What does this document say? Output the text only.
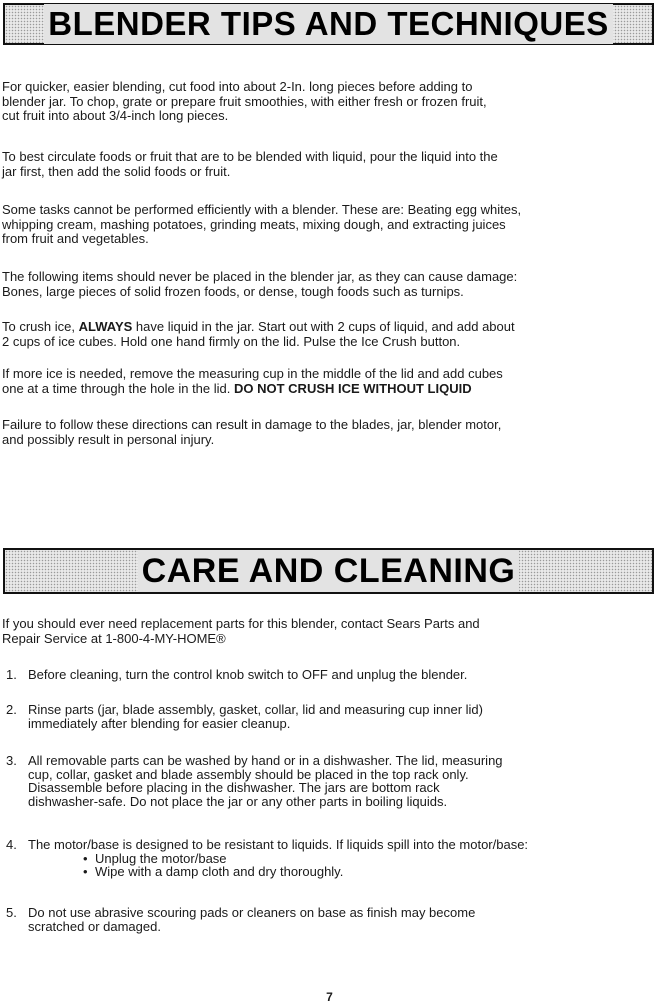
BLENDER TIPS AND TECHNIQUES

For quicker, easier blending, cut food into about 2-In. long pieces before adding to
blender jar. To chop, grate or prepare fruit smoothies, with either fresh or frozen fruit,
cut fruit into about 3/4-inch long pieces.

To best circulate foods or fruit that are to be blended with liquid, pour the liquid into the
jar first, then add the solid foods or fruit.

Some tasks cannot be performed efficiently with a blender. These are: Beating egg whites,
whipping cream, mashing potatoes, grinding meats, mixing dough, and extracting juices
from fruit and vegetables.

The following items should never be placed in the blender jar, as they can cause damage:
Bones, large pieces of solid frozen foods, or dense, tough foods such as turnips.

To crush ice, ALWAYS have liquid in the jar. Start out with 2 cups of liquid, and add about
2 cups of ice cubes. Hold one hand firmly on the lid. Pulse the Ice Crush button.

If more ice is needed, remove the measuring cup in the middle of the lid and add cubes
one at a time through the hole in the lid. DO NOT CRUSH ICE WITHOUT LIQUID

Failure to follow these directions can result in damage to the blades, jar, blender motor,
and possibly result in personal injury.

CARE AND CLEANING

If you should ever need replacement parts for this blender, contact Sears Parts and
Repair Service at 1-800-4-MY-HOME®

1. Before cleaning, turn the control knob switch to OFF and unplug the blender.
2. Rinse parts (jar, blade assembly, gasket, collar, lid and measuring cup inner lid)
immediately after blending for easier cleanup.
3. All removable parts can be washed by hand or in a dishwasher. The lid, measuring
cup, collar, gasket and blade assembly should be placed in the top rack only.
Disassemble before placing in the dishwasher. The jars are bottom rack
dishwasher-safe. Do not place the jar or any other parts in boiling liquids.
4. The motor/base is designed to be resistant to liquids. If liquids spill into the motor/base:
• Unplug the motor/base
• Wipe with a damp cloth and dry thoroughly.
5. Do not use abrasive scouring pads or cleaners on base as finish may become
scratched or damaged.
7
